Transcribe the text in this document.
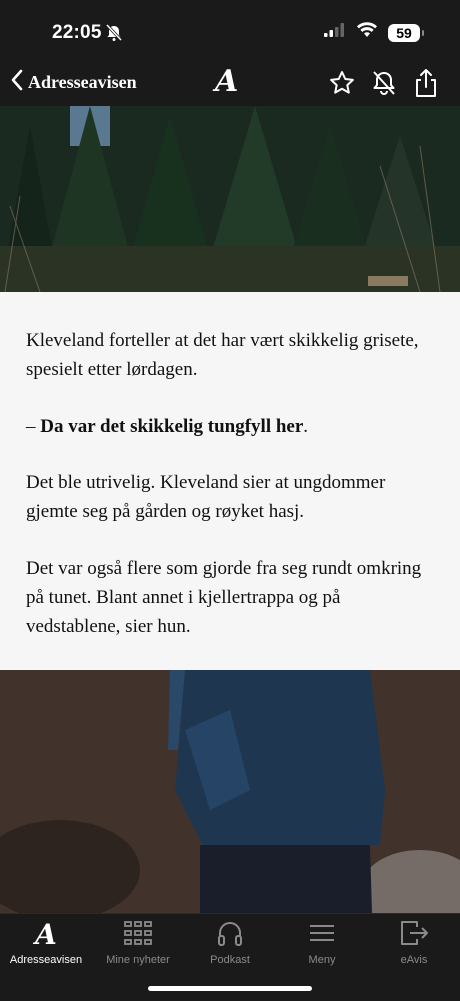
22:05	59
Adresseavisen	A

Kleveland forteller at det har vært skikkelig grisete, spesielt etter lørdagen.

– Da var det skikkelig tungfyll her.

Det ble utrivelig. Kleveland sier at ungdommer gjemte seg på gården og røyket hasj.

Det var også flere som gjorde fra seg rundt omkring på tunet. Blant annet i kjellertrappa og på vedstablene, sier hun.

A
Adresseavisen	Mine nyheter	Podkast	Meny	eAvis
